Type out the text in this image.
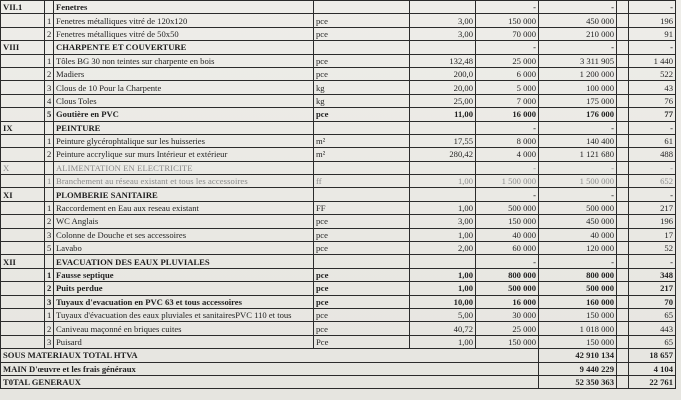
VII.1		Fenetres			-	-		-
	1	Fenetres métalliques vitré de 120x120	pce	3,00	150 000	450 000		196
	2	Fenetres métalliques vitré de 50x50	pce	3,00	70 000	210 000		91
VIII		CHARPENTE ET COUVERTURE			-	-		-
	1	Tôles BG 30 non teintes sur charpente en bois	pce	132,48	25 000	3 311 905		1 440
	2	Madiers	pce	200,0	6 000	1 200 000		522
	3	Clous de 10 Pour la Charpente	kg	20,00	5 000	100 000		43
	4	Clous Toles	kg	25,00	7 000	175 000		76
	5	Goutière en PVC	pce	11,00	16 000	176 000		77
IX		PEINTURE			-	-		-
	1	Peinture glycérophtalique sur les huisseries	m²	17,55	8 000	140 400		61
	2	Peinture accrylique sur murs Intérieur et extérieur	m²	280,42	4 000	1 121 680		488
X		ALIMENTATION EN ELECTRICITE			-	-		-
	1	Branchement au réseau existant et tous les accessoires	ff	1,00	1 500 000	1 500 000		652
XI		PLOMBERIE SANITAIRE			-	-		-
	1	Raccordement en Eau aux reseau existant	FF	1,00	500 000	500 000		217
	2	WC Anglais	pce	3,00	150 000	450 000		196
	3	Colonne de Douche et ses accessoires	pce	1,00	40 000	40 000		17
	5	Lavabo	pce	2,00	60 000	120 000		52
XII		EVACUATION DES EAUX PLUVIALES			-	-		-
	1	Fausse septique	pce	1,00	800 000	800 000		348
	2	Puits perdue	pce	1,00	500 000	500 000		217
	3	Tuyaux d'evacuation en PVC 63 et tous accessoires	pce	10,00	16 000	160 000		70
	1	Tuyaux d'évacuation des eaux pluviales et sanitairesPVC 110 et tous	pce	5,00	30 000	150 000		65
	2	Caniveau maçonné en briques cuites	pce	40,72	25 000	1 018 000		443
	3	Puisard	Pce	1,00	150 000	150 000		65
SOUS MATERIAUX TOTAL HTVA						42 910 134		18 657
MAIN D'œuvre et les frais généraux						9 440 229		4 104
T0TAL GENERAUX						52 350 363		22 761
